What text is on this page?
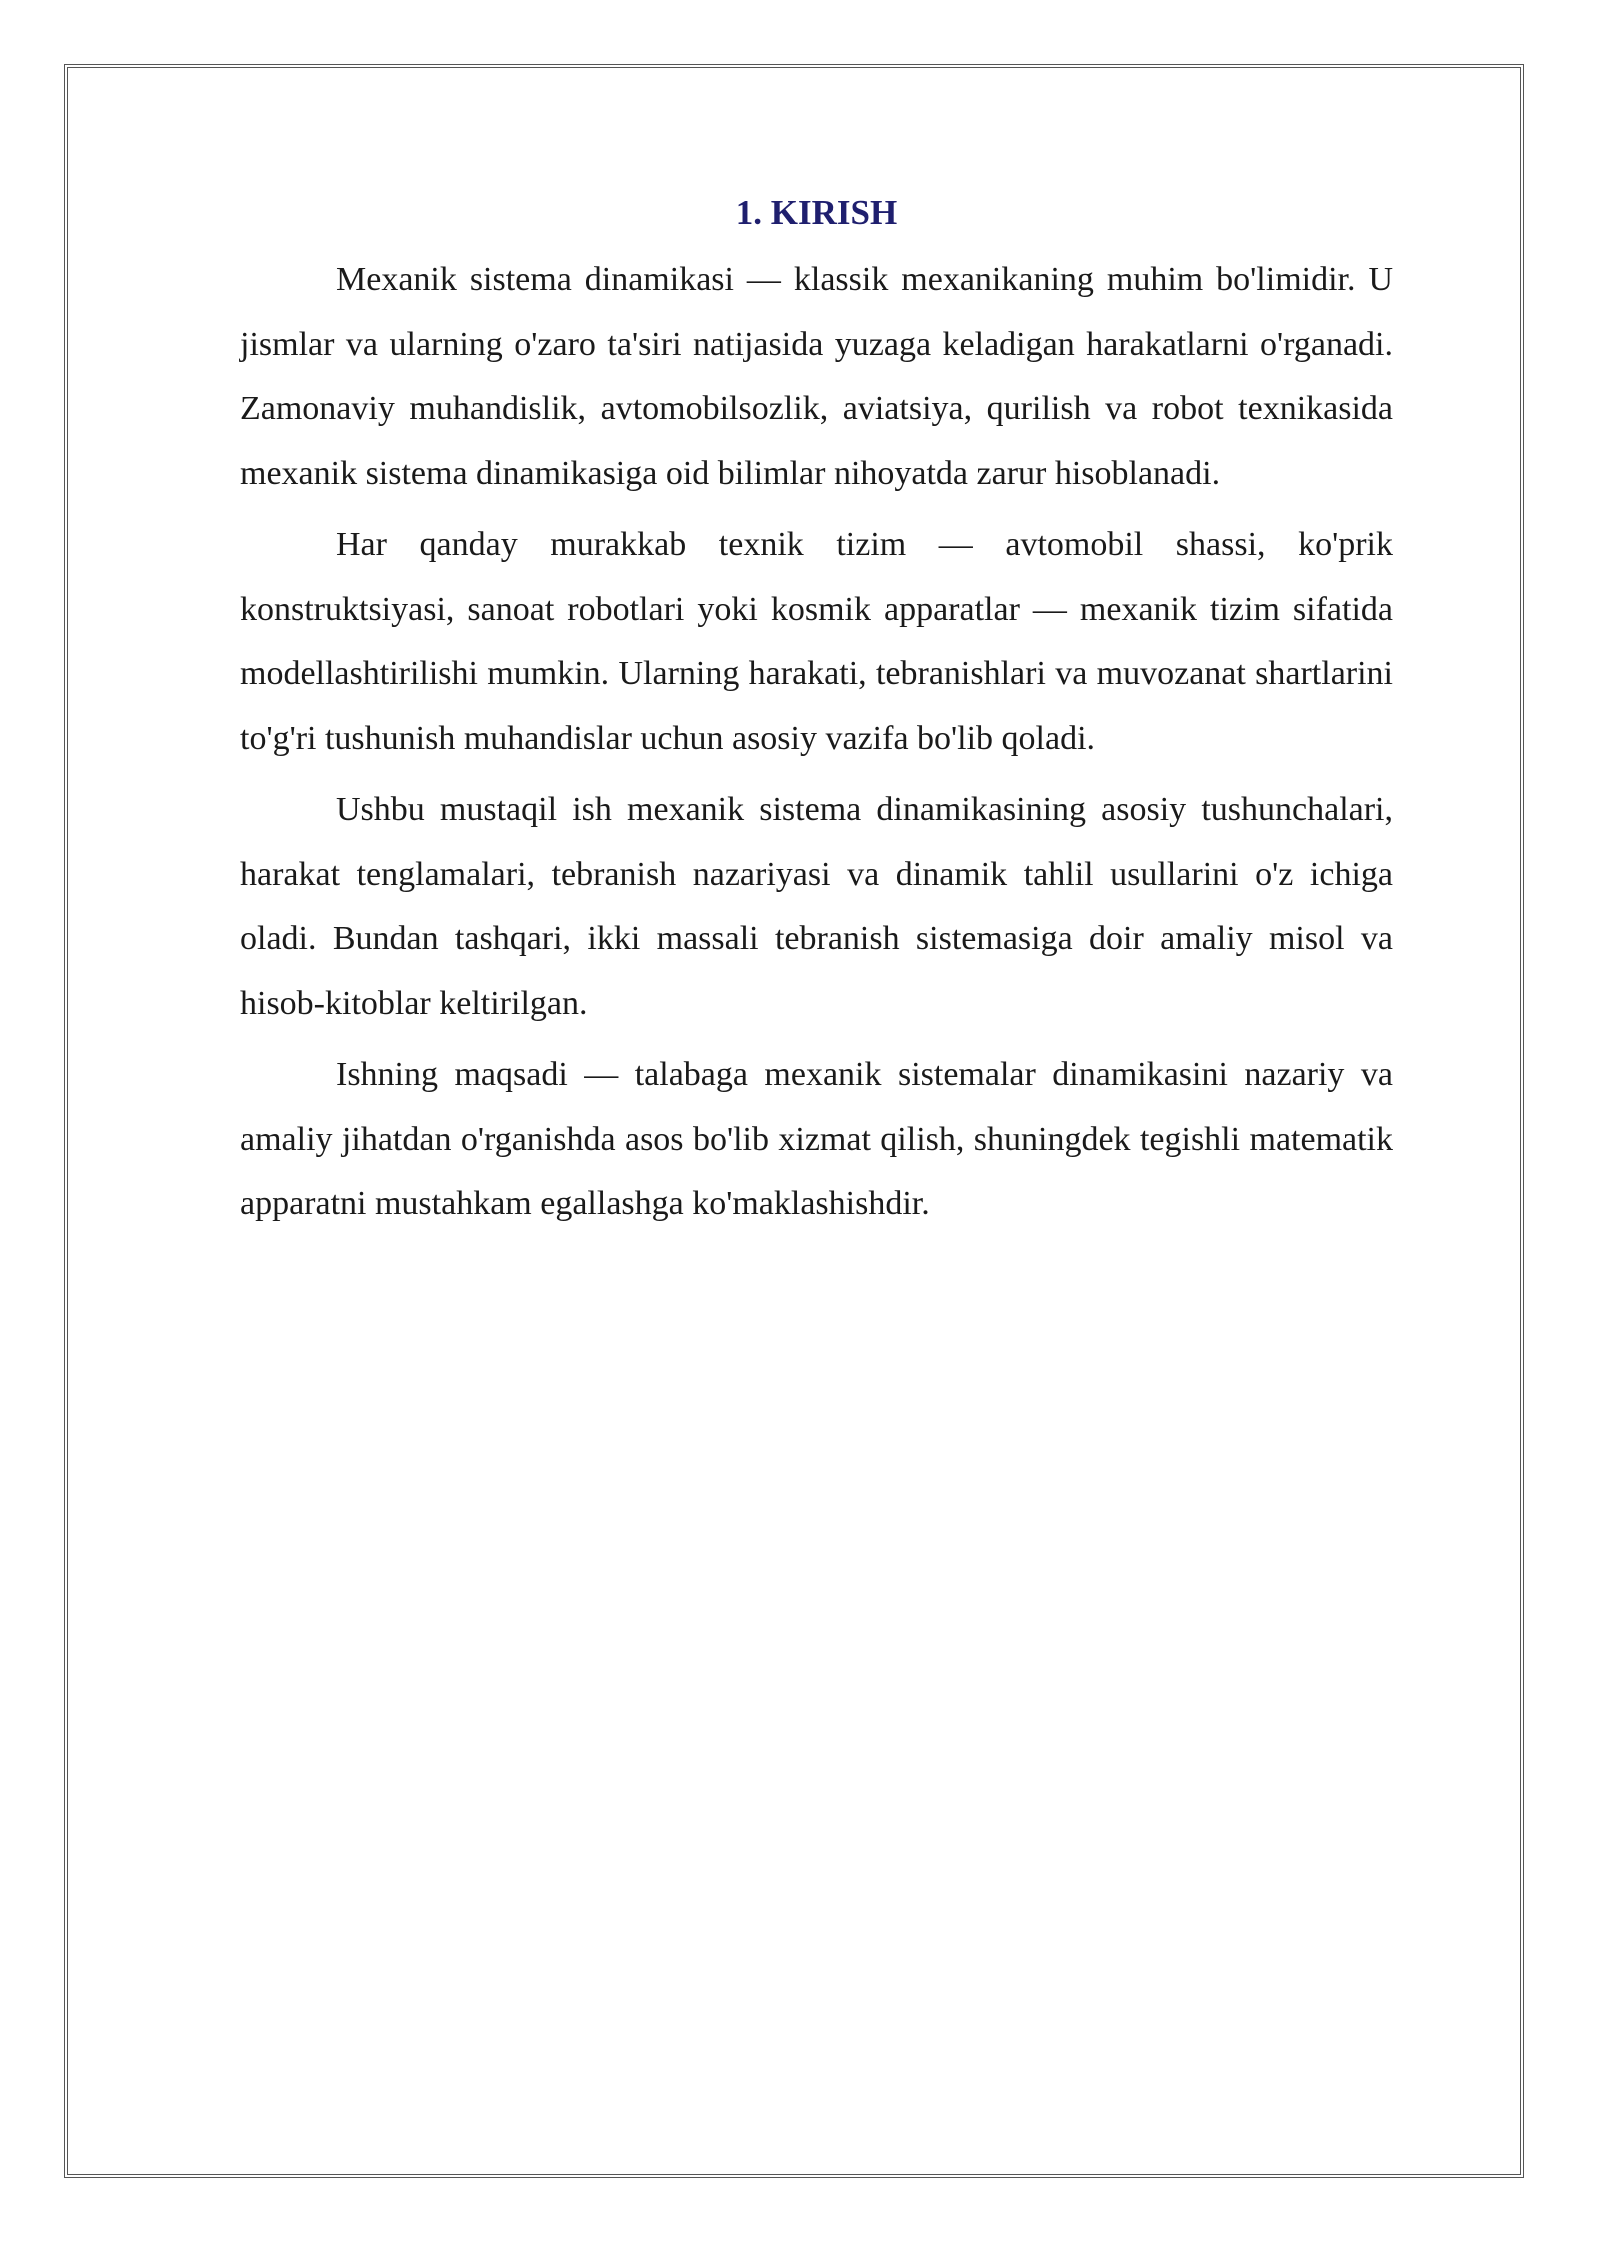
1. KIRISH

Mexanik sistema dinamikasi — klassik mexanikaning muhim bo'limidir. U jismlar va ularning o'zaro ta'siri natijasida yuzaga keladigan harakatlarni o'rganadi. Zamonaviy muhandislik, avtomobilsozlik, aviatsiya, qurilish va robot texnikasida mexanik sistema dinamikasiga oid bilimlar nihoyatda zarur hisoblanadi.

Har qanday murakkab texnik tizim — avtomobil shassi, ko'prik konstruktsiyasi, sanoat robotlari yoki kosmik apparatlar — mexanik tizim sifatida modellashtirilishi mumkin. Ularning harakati, tebranishlari va muvozanat shartlarini to'g'ri tushunish muhandislar uchun asosiy vazifa bo'lib qoladi.

Ushbu mustaqil ish mexanik sistema dinamikasining asosiy tushunchalari, harakat tenglamalari, tebranish nazariyasi va dinamik tahlil usullarini o'z ichiga oladi. Bundan tashqari, ikki massali tebranish sistemasiga doir amaliy misol va hisob-kitoblar keltirilgan.

Ishning maqsadi — talabaga mexanik sistemalar dinamikasini nazariy va amaliy jihatdan o'rganishda asos bo'lib xizmat qilish, shuningdek tegishli matematik apparatni mustahkam egallashga ko'maklashishdir.
